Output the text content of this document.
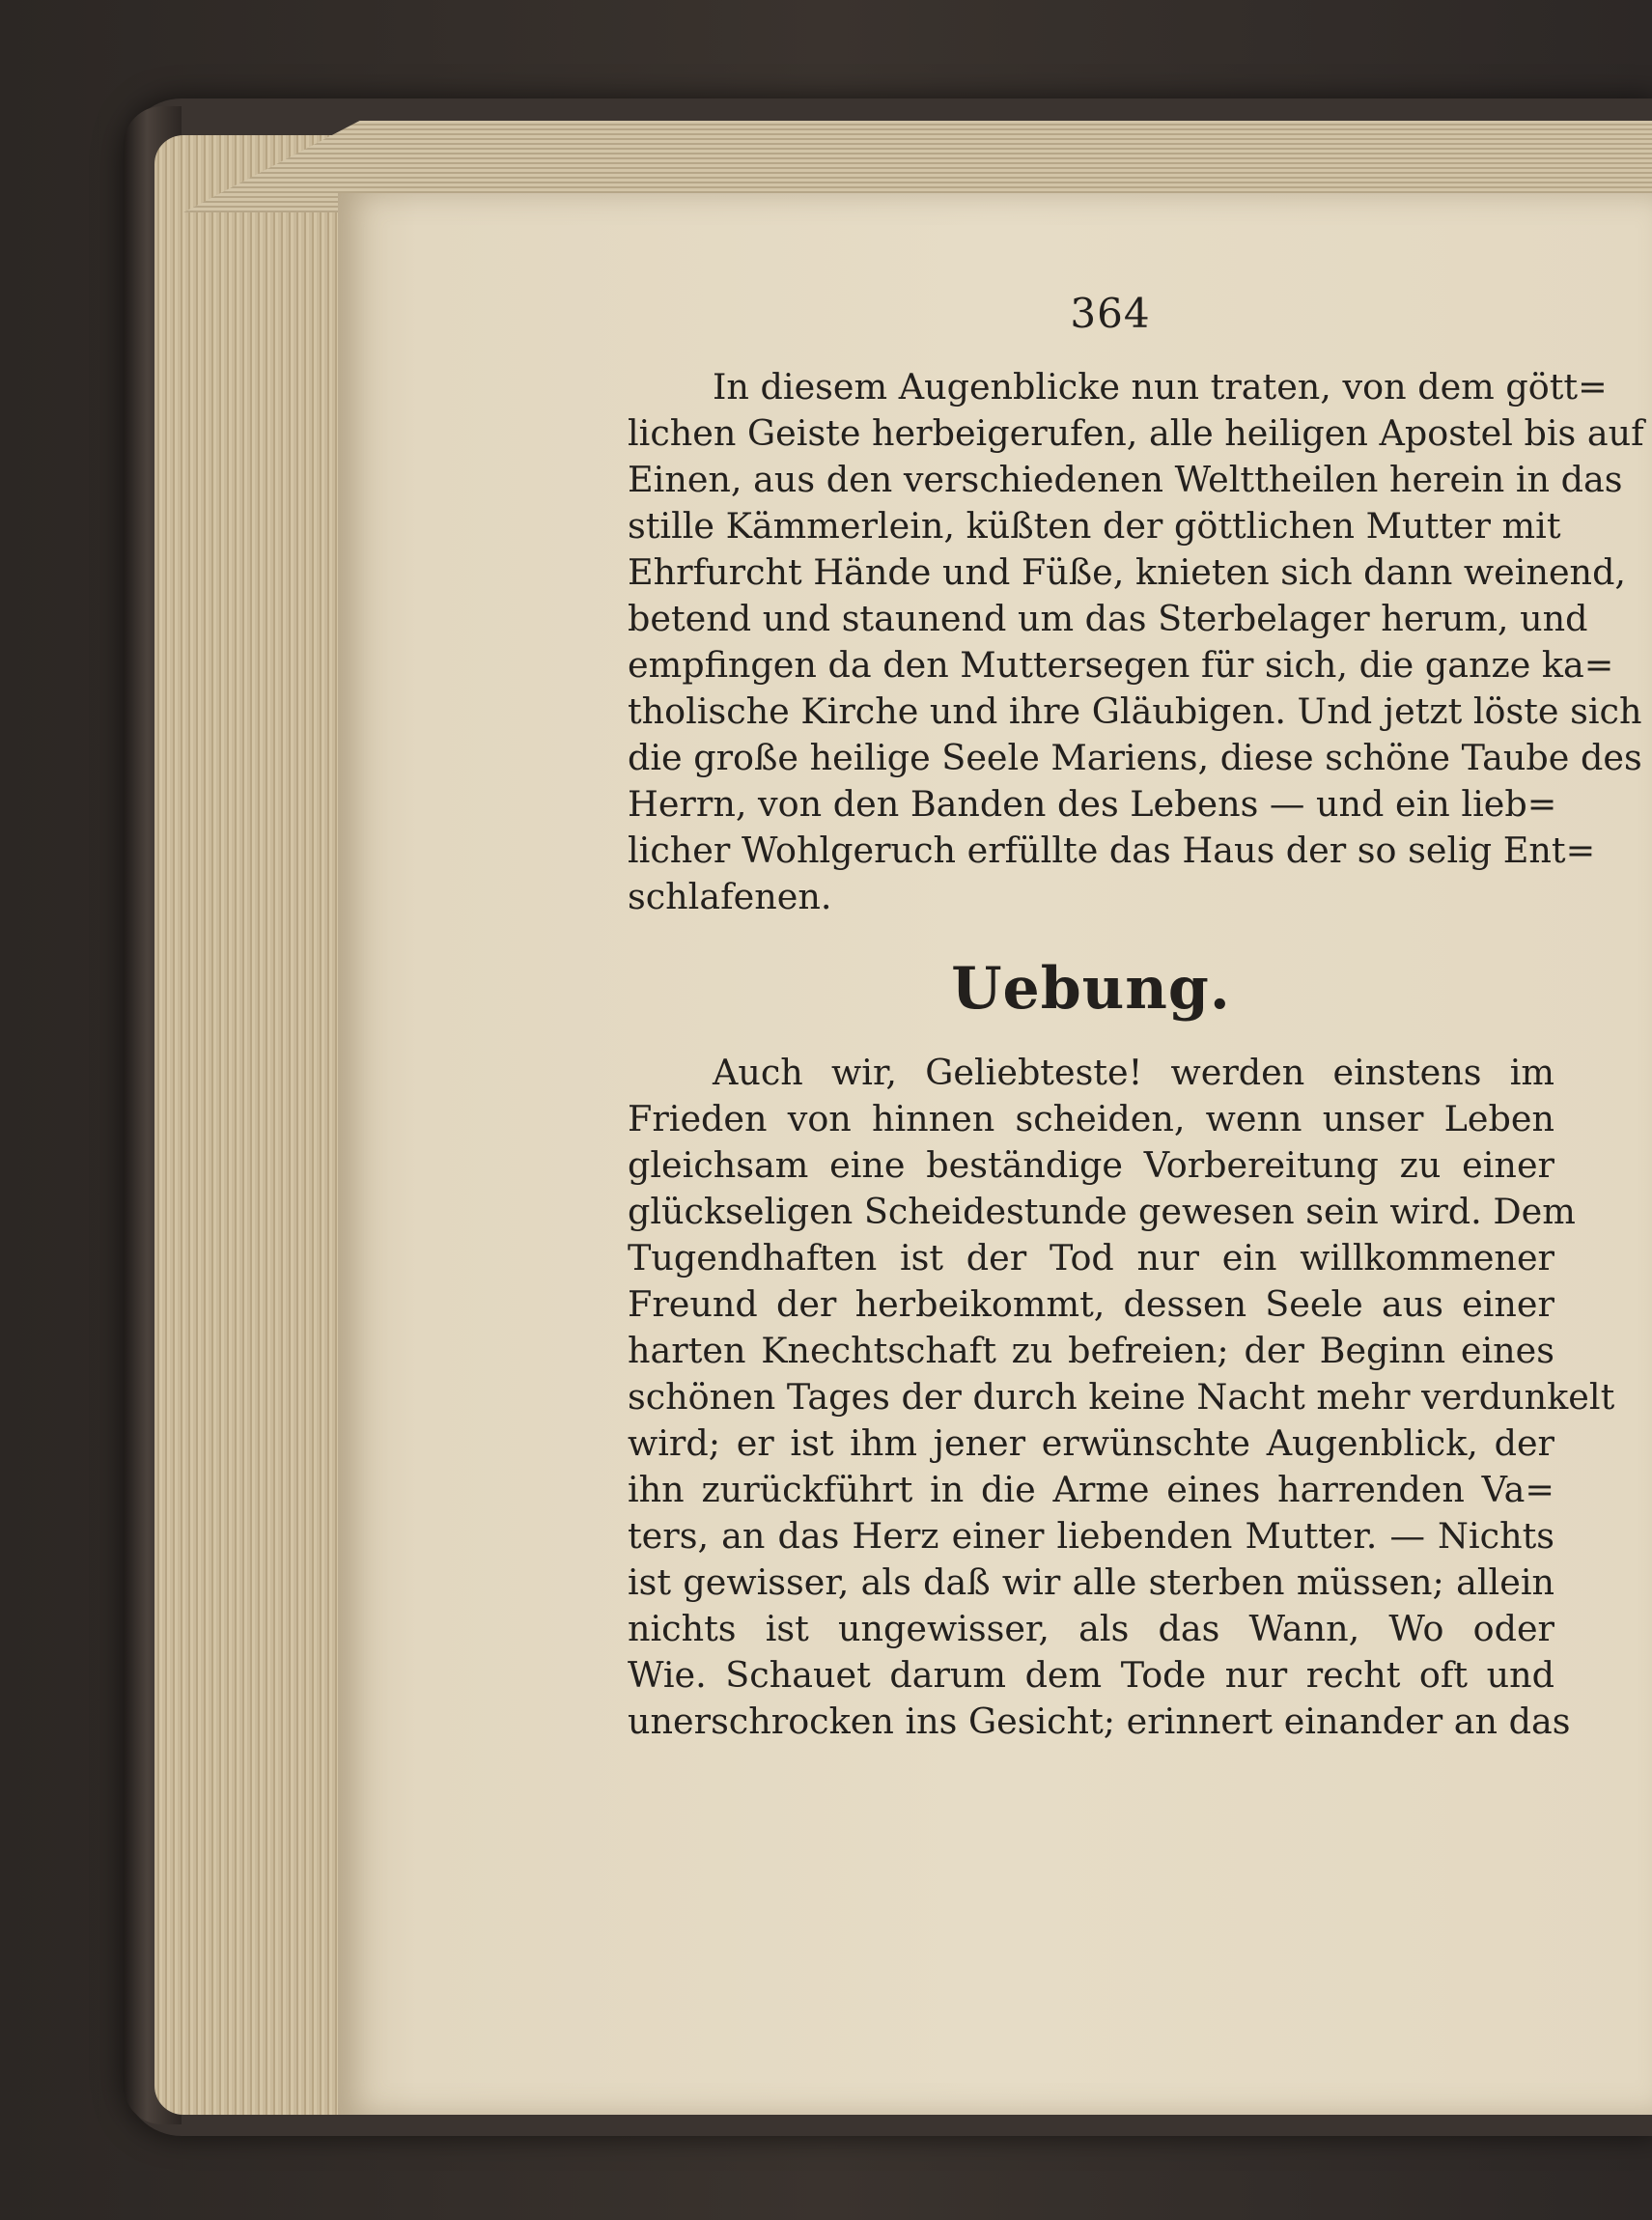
364

In diesem Augenblicke nun traten, von dem gött=
lichen Geiste herbeigerufen, alle heiligen Apostel bis auf
Einen, aus den verschiedenen Welttheilen herein in das
stille Kämmerlein, küßten der göttlichen Mutter mit
Ehrfurcht Hände und Füße, knieten sich dann weinend,
betend und staunend um das Sterbelager herum, und
empfingen da den Muttersegen für sich, die ganze ka=
tholische Kirche und ihre Gläubigen. Und jetzt löste sich
die große heilige Seele Mariens, diese schöne Taube des
Herrn, von den Banden des Lebens — und ein lieb=
licher Wohlgeruch erfüllte das Haus der so selig Ent=
schlafenen.

Uebung.

Auch wir, Geliebteste! werden einstens im
Frieden von hinnen scheiden, wenn unser Leben
gleichsam eine beständige Vorbereitung zu einer
glückseligen Scheidestunde gewesen sein wird. Dem
Tugendhaften ist der Tod nur ein willkommener
Freund der herbeikommt, dessen Seele aus einer
harten Knechtschaft zu befreien; der Beginn eines
schönen Tages der durch keine Nacht mehr verdunkelt
wird; er ist ihm jener erwünschte Augenblick, der
ihn zurückführt in die Arme eines harrenden Va=
ters, an das Herz einer liebenden Mutter. — Nichts
ist gewisser, als daß wir alle sterben müssen; allein
nichts ist ungewisser, als das Wann, Wo oder
Wie. Schauet darum dem Tode nur recht oft und
unerschrocken ins Gesicht; erinnert einander an das
